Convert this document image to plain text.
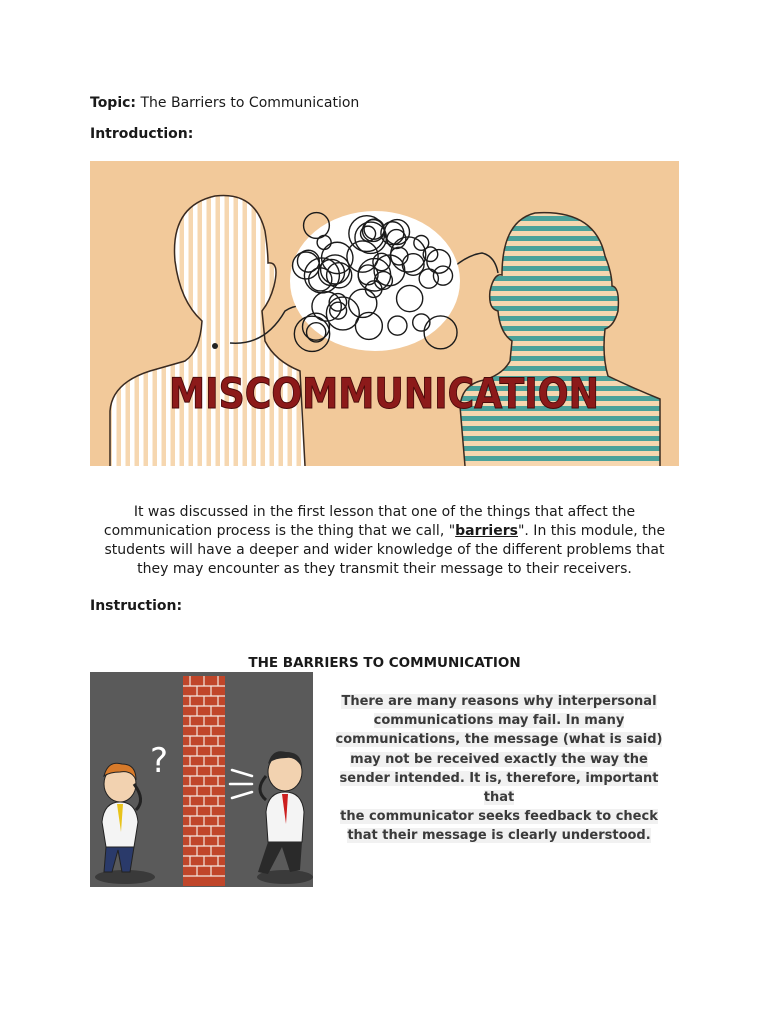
Topic: The Barriers to Communication
Introduction:
MISCOMMUNICATION

It was discussed in the first lesson that one of the things that affect the communication process is the thing that we call, "barriers". In this module, the students will have a deeper and wider knowledge of the different problems that they may encounter as they transmit their message to their receivers.

Instruction:
THE BARRIERS TO COMMUNICATION
?
There are many reasons why interpersonal
communications may fail. In many
communications, the message (what is said)
may not be received exactly the way the
sender intended. It is, therefore, important that
the communicator seeks feedback to check
that their message is clearly understood.
